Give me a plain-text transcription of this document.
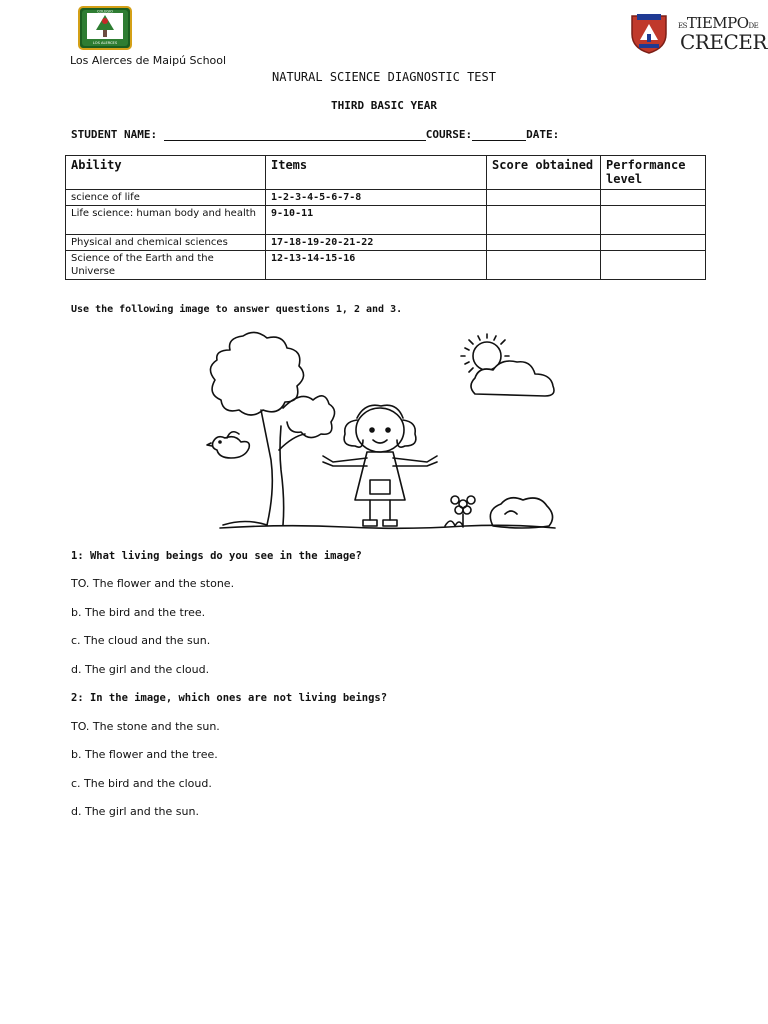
COLEGIO
LOS ALERCES
ESTIEMPODE
CRECER
Los Alerces de Maipú School
NATURAL SCIENCE DIAGNOSTIC TEST
THIRD BASIC YEAR
STUDENT NAME:	COURSE:	DATE:
Ability	Items	Score obtained	Performance level
science of life	1-2-3-4-5-6-7-8		
Life science: human body and health	9-10-11		
Physical and chemical sciences	17-18-19-20-21-22		
Science of the Earth and the Universe	12-13-14-15-16		
Use the following image to answer questions 1, 2 and 3.
1: What living beings do you see in the image?
TO. The flower and the stone.
b. The bird and the tree.
c. The cloud and the sun.
d. The girl and the cloud.
2: In the image, which ones are not living beings?
TO. The stone and the sun.
b. The flower and the tree.
c. The bird and the cloud.
d. The girl and the sun.
